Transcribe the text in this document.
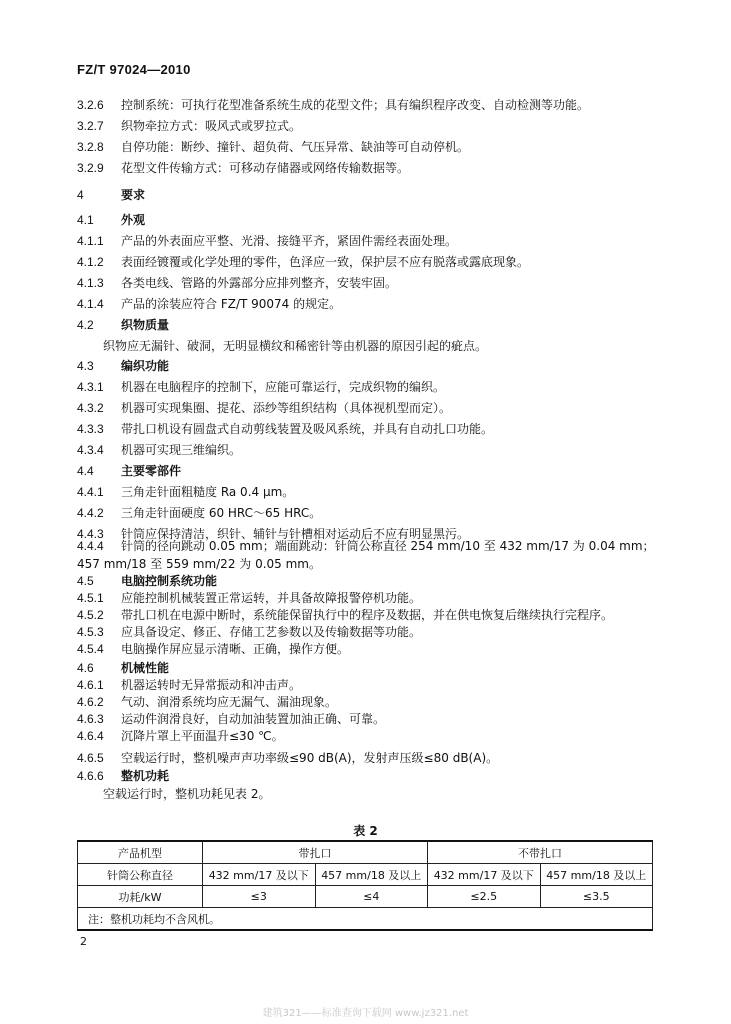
FZ/T 97024—2010
3.2.6 控制系统：可执行花型准备系统生成的花型文件；具有编织程序改变、自动检测等功能。
3.2.7 织物牵拉方式：吸风式或罗拉式。
3.2.8 自停功能：断纱、撞针、超负荷、气压异常、缺油等可自动停机。
3.2.9 花型文件传输方式：可移动存储器或网络传输数据等。
4	要求
4.1 外观
4.1.1 产品的外表面应平整、光滑、接缝平齐，紧固件需经表面处理。
4.1.2 表面经镀覆或化学处理的零件，色泽应一致，保护层不应有脱落或露底现象。
4.1.3 各类电线、管路的外露部分应排列整齐，安装牢固。
4.1.4 产品的涂装应符合 FZ/T 90074 的规定。
4.2 织物质量
织物应无漏针、破洞，无明显横纹和稀密针等由机器的原因引起的疵点。
4.3 编织功能
4.3.1 机器在电脑程序的控制下，应能可靠运行，完成织物的编织。
4.3.2 机器可实现集圈、提花、添纱等组织结构（具体视机型而定）。
4.3.3 带扎口机设有圆盘式自动剪线装置及吸风系统，并具有自动扎口功能。
4.3.4 机器可实现三维编织。
4.4 主要零部件
4.4.1 三角走针面粗糙度 Ra 0.4 μm。
4.4.2 三角走针面硬度 60 HRC～65 HRC。
4.4.3 针筒应保持清洁，织针、辅针与针槽相对运动后不应有明显黑污。
4.4.4 针筒的径向跳动 0.05 mm；端面跳动：针筒公称直径 254 mm/10 至 432 mm/17 为 0.04 mm；
457 mm/18 至 559 mm/22 为 0.05 mm。
4.5 电脑控制系统功能
4.5.1 应能控制机械装置正常运转，并具备故障报警停机功能。
4.5.2 带扎口机在电源中断时，系统能保留执行中的程序及数据，并在供电恢复后继续执行完程序。
4.5.3 应具备设定、修正、存储工艺参数以及传输数据等功能。
4.5.4 电脑操作屏应显示清晰、正确，操作方便。
4.6 机械性能
4.6.1 机器运转时无异常振动和冲击声。
4.6.2 气动、润滑系统均应无漏气、漏油现象。
4.6.3 运动件润滑良好，自动加油装置加油正确、可靠。
4.6.4 沉降片罩上平面温升≤30 ℃。
4.6.5 空载运行时，整机噪声声功率级≤90 dB(A)，发射声压级≤80 dB(A)。
4.6.6 整机功耗
空载运行时，整机功耗见表 2。
表 2
产品机型	带扎口		不带扎口	
针筒公称直径	432 mm/17 及以下	457 mm/18 及以上	432 mm/17 及以下	457 mm/18 及以上
功耗/kW	≤3	≤4	≤2.5	≤3.5
注：整机功耗均不含风机。				
2
建筑321——标准查询下载网 www.jz321.net
